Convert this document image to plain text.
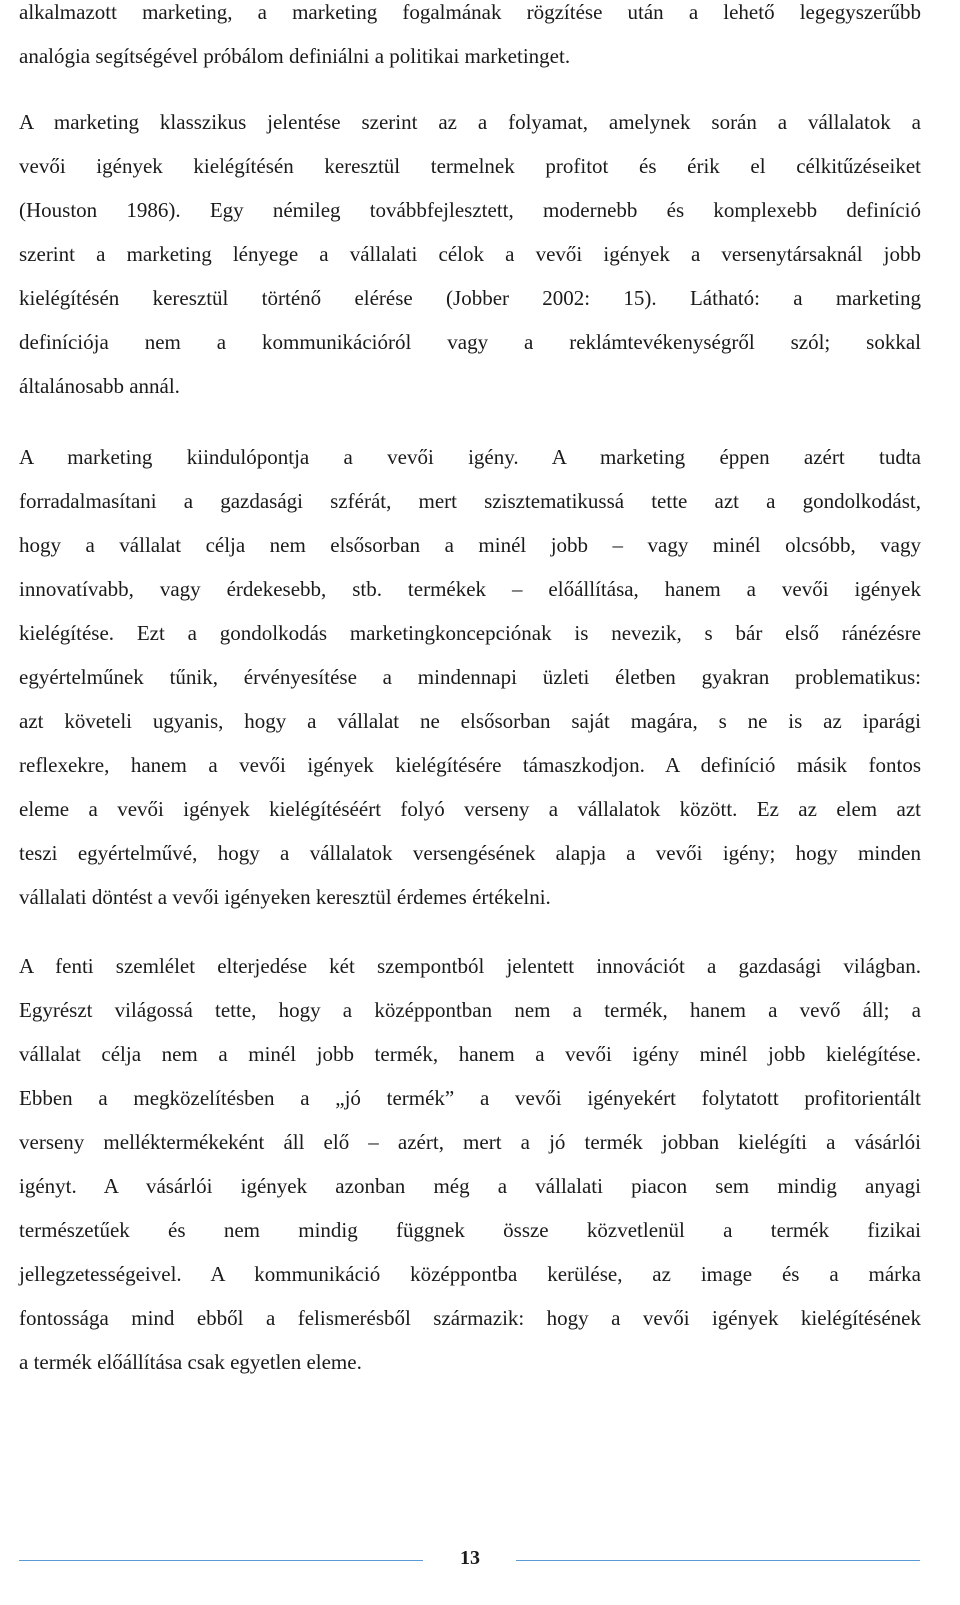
alkalmazott marketing, a marketing fogalmának rögzítése után a lehető legegyszerűbb
analógia segítségével próbálom definiálni a politikai marketinget.
A marketing klasszikus jelentése szerint az a folyamat, amelynek során a vállalatok a
vevői igények kielégítésén keresztül termelnek profitot és érik el célkitűzéseiket
(Houston 1986). Egy némileg továbbfejlesztett, modernebb és komplexebb definíció
szerint a marketing lényege a vállalati célok a vevői igények a versenytársaknál jobb
kielégítésén keresztül történő elérése (Jobber 2002: 15). Látható: a marketing
definíciója nem a kommunikációról vagy a reklámtevékenységről szól; sokkal
általánosabb annál.
A marketing kiindulópontja a vevői igény. A marketing éppen azért tudta
forradalmasítani a gazdasági szférát, mert szisztematikussá tette azt a gondolkodást,
hogy a vállalat célja nem elsősorban a minél jobb – vagy minél olcsóbb, vagy
innovatívabb, vagy érdekesebb, stb. termékek – előállítása, hanem a vevői igények
kielégítése. Ezt a gondolkodás marketingkoncepciónak is nevezik, s bár első ránézésre
egyértelműnek tűnik, érvényesítése a mindennapi üzleti életben gyakran problematikus:
azt követeli ugyanis, hogy a vállalat ne elsősorban saját magára, s ne is az iparági
reflexekre, hanem a vevői igények kielégítésére támaszkodjon. A definíció másik fontos
eleme a vevői igények kielégítéséért folyó verseny a vállalatok között. Ez az elem azt
teszi egyértelművé, hogy a vállalatok versengésének alapja a vevői igény; hogy minden
vállalati döntést a vevői igényeken keresztül érdemes értékelni.
A fenti szemlélet elterjedése két szempontból jelentett innovációt a gazdasági világban.
Egyrészt világossá tette, hogy a középpontban nem a termék, hanem a vevő áll; a
vállalat célja nem a minél jobb termék, hanem a vevői igény minél jobb kielégítése.
Ebben a megközelítésben a „jó termék” a vevői igényekért folytatott profitorientált
verseny melléktermékeként áll elő – azért, mert a jó termék jobban kielégíti a vásárlói
igényt. A vásárlói igények azonban még a vállalati piacon sem mindig anyagi
természetűek és nem mindig függnek össze közvetlenül a termék fizikai
jellegzetességeivel. A kommunikáció középpontba kerülése, az image és a márka
fontossága mind ebből a felismerésből származik: hogy a vevői igények kielégítésének
a termék előállítása csak egyetlen eleme.
13
